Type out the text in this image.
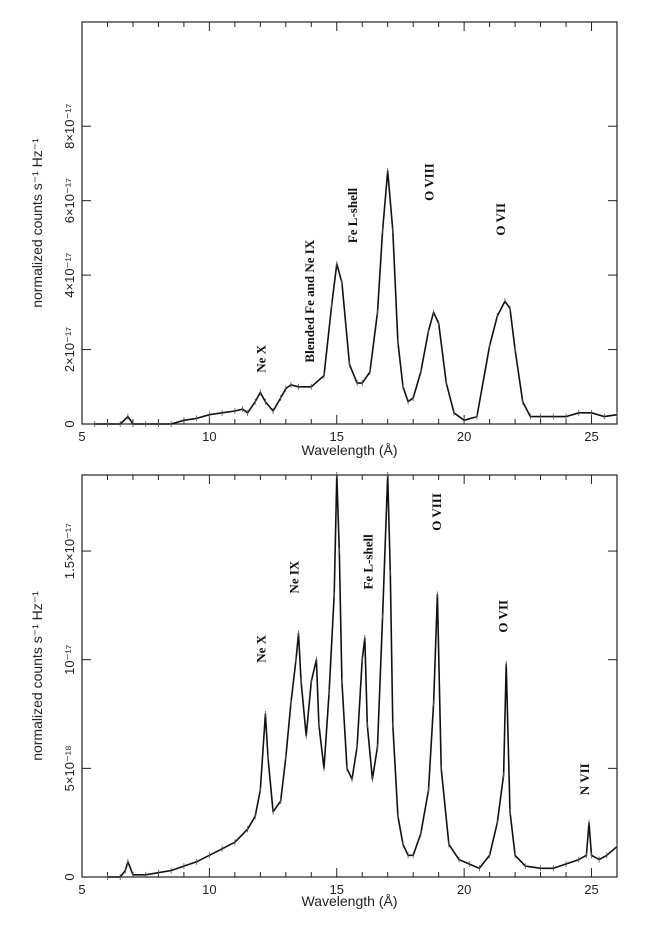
5	10	15	20	25
0
2×10⁻¹⁷
4×10⁻¹⁷
6×10⁻¹⁷
8×10⁻¹⁷
Ne X	Blended Fe and Ne IX
Fe L-shell
O VIII
O VII
Wavelength (Å)
normalized counts s⁻¹ Hz⁻¹
5	10	15	20	25
0
5×10⁻¹⁸
10⁻¹⁷
1.5×10⁻¹⁷
Ne X
Ne IX	Fe L-shell
O VIII
O VII
N VII
Wavelength (Å)
normalized counts s⁻¹ Hz⁻¹
